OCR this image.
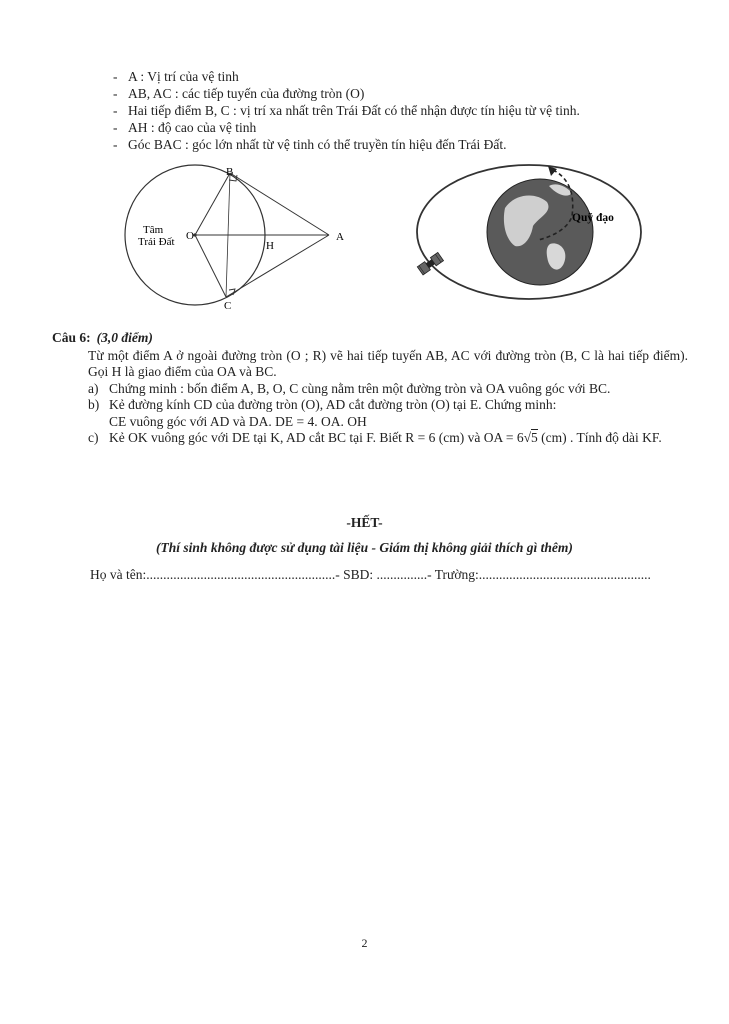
- A : Vị trí của vệ tinh
- AB, AC : các tiếp tuyến của đường tròn (O)
- Hai tiếp điểm B, C : vị trí xa nhất trên Trái Đất có thể nhận được tín hiệu từ vệ tinh.
- AH : độ cao của vệ tinh
- Góc BAC : góc lớn nhất từ vệ tinh có thể truyền tín hiệu đến Trái Đất.
Tâm
Trái Đất O
B
C
H
A
Quỹ đạo
Câu 6: (3,0 điểm)

Từ một điểm A ở ngoài đường tròn (O ; R) vẽ hai tiếp tuyến AB, AC với đường tròn (B, C là hai tiếp điểm). Gọi H là giao điểm của OA và BC.

a) Chứng minh : bốn điểm A, B, O, C cùng nằm trên một đường tròn và OA vuông góc với BC.
b) Kẻ đường kính CD của đường tròn (O), AD cắt đường tròn (O) tại E. Chứng minh:
CE vuông góc với AD và DA. DE = 4. OA. OH
c) Kẻ OK vuông góc với DE tại K, AD cắt BC tại F. Biết R = 6 (cm) và OA = 6√5 (cm) . Tính độ dài KF.
-HẾT-
(Thí sinh không được sử dụng tài liệu - Giám thị không giải thích gì thêm)
Họ và tên:........................................................- SBD: ...............- Trường:...................................................
2
